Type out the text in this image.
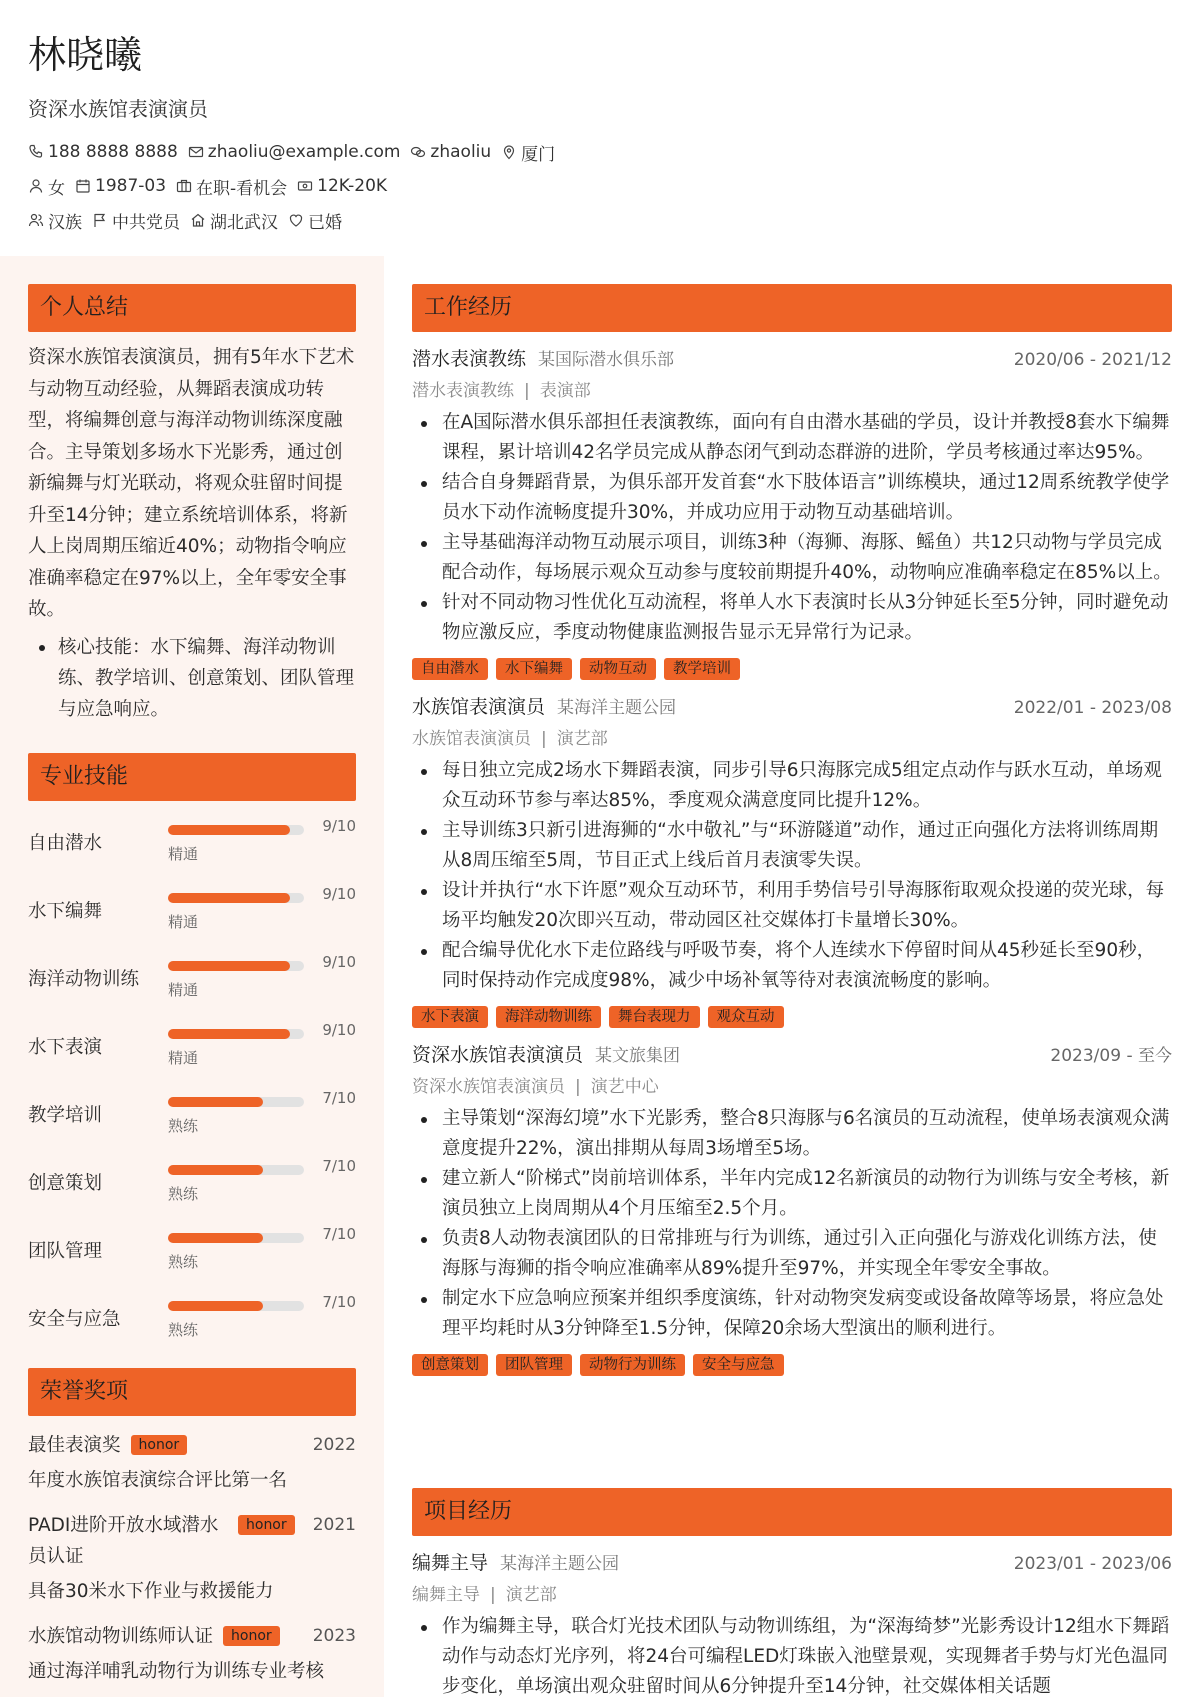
林晓曦
资深水族馆表演演员
188 8888 8888 zhaoliu@example.com zhaoliu 厦门
女 1987-03 在职-看机会 12K-20K
汉族 中共党员 湖北武汉 已婚
个人总结
资深水族馆表演演员，拥有5年水下艺术与动物互动经验，从舞蹈表演成功转型，将编舞创意与海洋动物训练深度融合。主导策划多场水下光影秀，通过创新编舞与灯光联动，将观众驻留时间提升至14分钟；建立系统培训体系，将新人上岗周期压缩近40%；动物指令响应准确率稳定在97%以上，全年零安全事故。
核心技能：水下编舞、海洋动物训练、教学培训、创意策划、团队管理与应急响应。
专业技能
自由潜水
9/10
精通
水下编舞
9/10
精通
海洋动物训练
9/10
精通
水下表演
9/10
精通
教学培训
7/10
熟练
创意策划
7/10
熟练
团队管理
7/10
熟练
安全与应急
7/10
熟练
荣誉奖项
最佳表演奖	honor	2022
年度水族馆表演综合评比第一名
PADI进阶开放水域潜水员认证
honor	2021
具备30米水下作业与救援能力
水族馆动物训练师认证	honor	2023
通过海洋哺乳动物行为训练专业考核
工作经历
潜水表演教练 某国际潜水俱乐部	2020/06 - 2021/12
潜水表演教练 | 表演部
在A国际潜水俱乐部担任表演教练，面向有自由潜水基础的学员，设计并教授8套水下编舞课程，累计培训42名学员完成从静态闭气到动态群游的进阶，学员考核通过率达95%。
结合自身舞蹈背景，为俱乐部开发首套“水下肢体语言”训练模块，通过12周系统教学使学员水下动作流畅度提升30%，并成功应用于动物互动基础培训。
主导基础海洋动物互动展示项目，训练3种（海狮、海豚、鳐鱼）共12只动物与学员完成配合动作，每场展示观众互动参与度较前期提升40%，动物响应准确率稳定在85%以上。
针对不同动物习性优化互动流程，将单人水下表演时长从3分钟延长至5分钟，同时避免动物应激反应，季度动物健康监测报告显示无异常行为记录。
自由潜水	水下编舞	动物互动	教学培训
水族馆表演演员 某海洋主题公园	2022/01 - 2023/08
水族馆表演演员 | 演艺部
每日独立完成2场水下舞蹈表演，同步引导6只海豚完成5组定点动作与跃水互动，单场观众互动环节参与率达85%，季度观众满意度同比提升12%。
主导训练3只新引进海狮的“水中敬礼”与“环游隧道”动作，通过正向强化方法将训练周期从8周压缩至5周，节目正式上线后首月表演零失误。
设计并执行“水下许愿”观众互动环节，利用手势信号引导海豚衔取观众投递的荧光球，每场平均触发20次即兴互动，带动园区社交媒体打卡量增长30%。
配合编导优化水下走位路线与呼吸节奏，将个人连续水下停留时间从45秒延长至90秒，同时保持动作完成度98%，减少中场补氧等待对表演流畅度的影响。
水下表演	海洋动物训练	舞台表现力	观众互动
资深水族馆表演演员 某文旅集团	2023/09 - 至今
资深水族馆表演演员 | 演艺中心
主导策划“深海幻境”水下光影秀，整合8只海豚与6名演员的互动流程，使单场表演观众满意度提升22%，演出排期从每周3场增至5场。
建立新人“阶梯式”岗前培训体系，半年内完成12名新演员的动物行为训练与安全考核，新演员独立上岗周期从4个月压缩至2.5个月。
负责8人动物表演团队的日常排班与行为训练，通过引入正向强化与游戏化训练方法，使海豚与海狮的指令响应准确率从89%提升至97%，并实现全年零安全事故。
制定水下应急响应预案并组织季度演练，针对动物突发病变或设备故障等场景，将应急处理平均耗时从3分钟降至1.5分钟，保障20余场大型演出的顺利进行。
创意策划	团队管理	动物行为训练	安全与应急
项目经历
编舞主导 某海洋主题公园	2023/01 - 2023/06
编舞主导 | 演艺部
作为编舞主导，联合灯光技术团队与动物训练组，为“深海绮梦”光影秀设计12组水下舞蹈动作与动态灯光序列，将24台可编程LED灯珠嵌入池壁景观，实现舞者手势与灯光色温同步变化，单场演出观众驻留时间从6分钟提升至14分钟，社交媒体相关话题
